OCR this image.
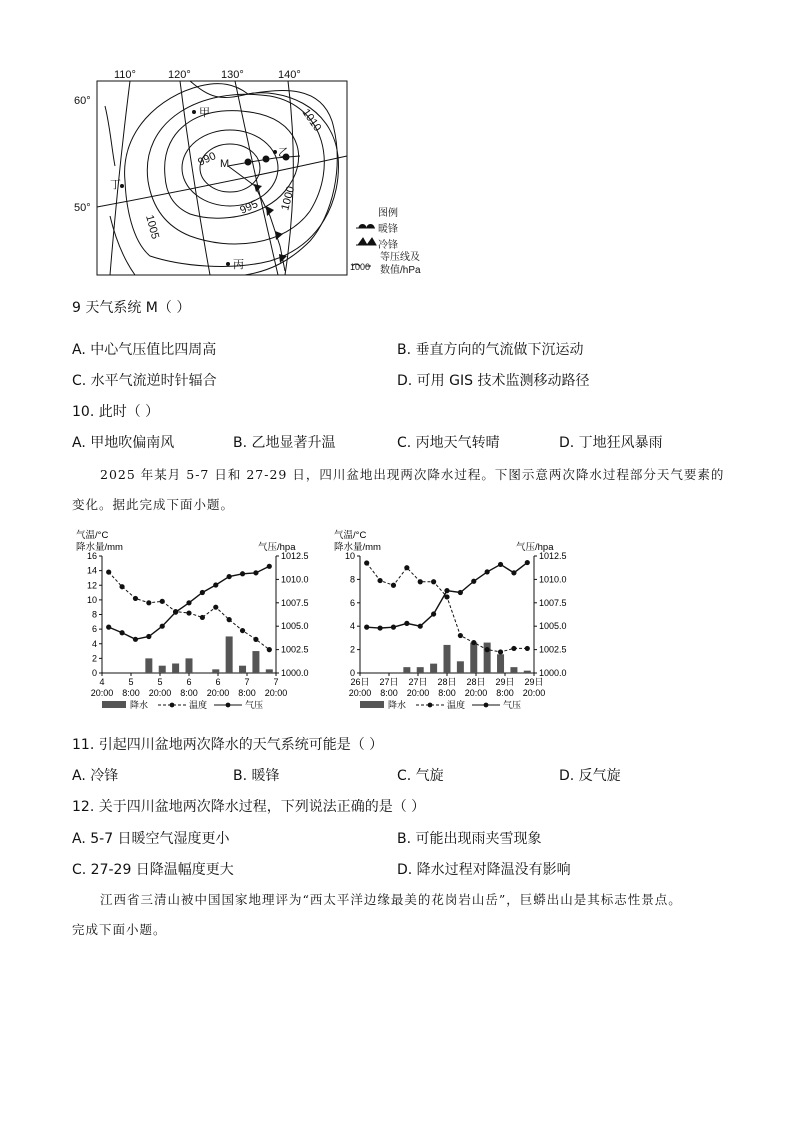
110°	120°	130°	140°
60°
50°
甲
乙
丙
丁
M
1010
990
995 1000
1005
图例
暖锋
冷锋
等压线及
1000 数值/hPa
9 天气系统 M（ ）
A. 中心气压值比四周高	B. 垂直方向的气流做下沉运动
C. 水平气流逆时针辐合	D. 可用 GIS 技术监测移动路径
10. 此时（ ）
A. 甲地吹偏南风	B. 乙地显著升温	C. 丙地天气转晴	D. 丁地狂风暴雨
2025 年某月 5-7 日和 27-29 日，四川盆地出现两次降水过程。下图示意两次降水过程部分天气要素的
变化。据此完成下面小题。
气温/°C
降水量/mm	气压/hpa
0
2
4
6
8
10
12
14
16
1000.0
1002.5
1005.0
1007.5
1010.0
1012.5
4
20:00
5
8:00
5
20:00
6
8:00
6
20:00
7
8:00
7
20:00
降水	温度	气压
气温/°C
降水量/mm	气压/hpa
0
2
4
6
8
10
1000.0
1002.5
1005.0
1007.5
1010.0
1012.5
26日
20:00
27日
8:00
27日
20:00
28日
8:00
28日
20:00
29日
8:00
29日
20:00
降水	温度	气压
11. 引起四川盆地两次降水的天气系统可能是（ ）
A. 冷锋	B. 暖锋	C. 气旋	D. 反气旋
12. 关于四川盆地两次降水过程，下列说法正确的是（ ）
A. 5-7 日暖空气湿度更小	B. 可能出现雨夹雪现象
C. 27-29 日降温幅度更大	D. 降水过程对降温没有影响
江西省三清山被中国国家地理评为“西太平洋边缘最美的花岗岩山岳”，巨蟒出山是其标志性景点。
完成下面小题。
